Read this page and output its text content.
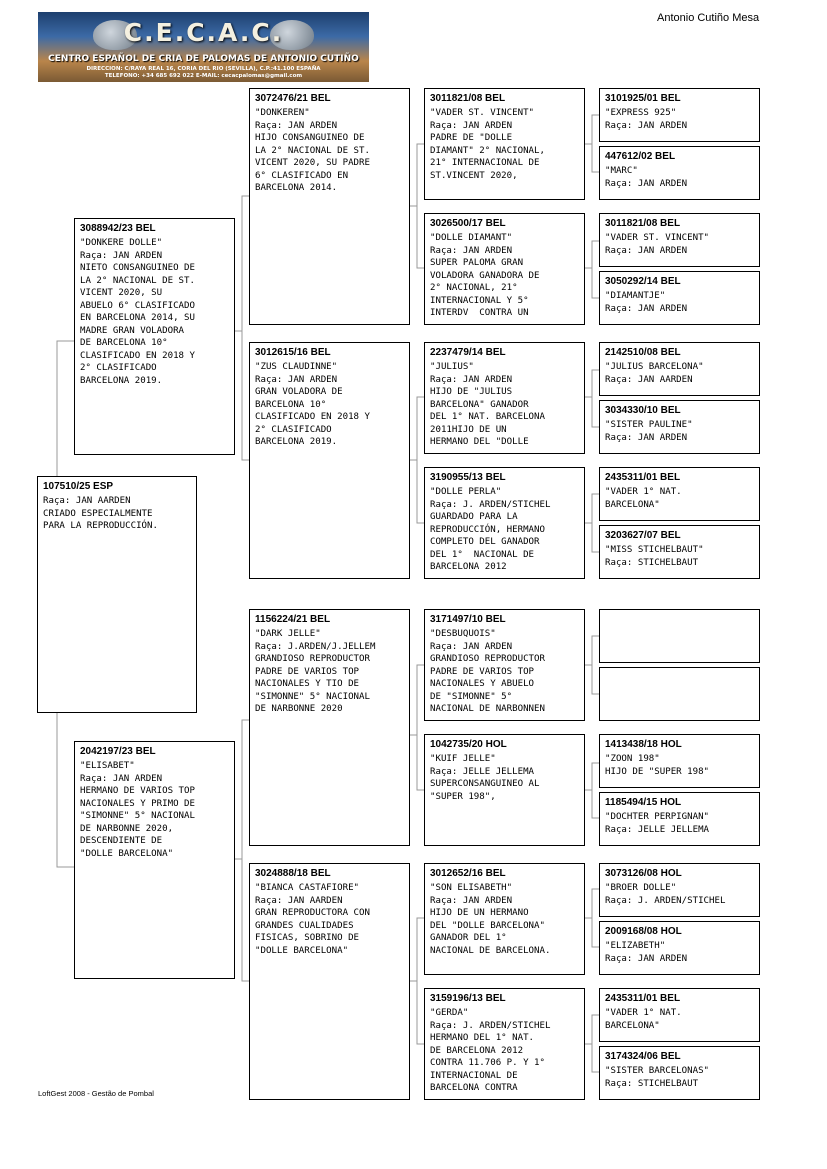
Antonio Cutiño Mesa
C.E.C.A.C.
CENTRO ESPAÑOL DE CRIA DE PALOMAS DE ANTONIO CUTIÑO
DIRECCION: C/RAYA REAL 16, CORIA DEL RIO (SEVILLA), C.P.:41.100 ESPAÑA
TELEFONO: +34 685 692 022 E-MAIL: cecacpalomas@gmail.com
107510/25 ESP
Raça: JAN AARDEN
CRIADO ESPECIALMENTE
PARA LA REPRODUCCIÓN.
3088942/23 BEL
"DONKERE DOLLE"
Raça: JAN ARDEN
NIETO CONSANGUINEO DE
LA 2° NACIONAL DE ST.
VICENT 2020, SU
ABUELO 6° CLASIFICADO
EN BARCELONA 2014, SU
MADRE GRAN VOLADORA
DE BARCELONA 10°
CLASIFICADO EN 2018 Y
2° CLASIFICADO
BARCELONA 2019.
2042197/23 BEL
"ELISABET"
Raça: JAN ARDEN
HERMANO DE VARIOS TOP
NACIONALES Y PRIMO DE
"SIMONNE" 5° NACIONAL
DE NARBONNE 2020,
DESCENDIENTE DE
"DOLLE BARCELONA"
3072476/21 BEL
"DONKEREN"
Raça: JAN ARDEN
HIJO CONSANGUINEO DE
LA 2° NACIONAL DE ST.
VICENT 2020, SU PADRE
6° CLASIFICADO EN
BARCELONA 2014.
3012615/16 BEL
"ZUS CLAUDINNE"
Raça: JAN ARDEN
GRAN VOLADORA DE
BARCELONA 10°
CLASIFICADO EN 2018 Y
2° CLASIFICADO
BARCELONA 2019.
1156224/21 BEL
"DARK JELLE"
Raça: J.ARDEN/J.JELLEM
GRANDIOSO REPRODUCTOR
PADRE DE VARIOS TOP
NACIONALES Y TIO DE
"SIMONNE" 5° NACIONAL
DE NARBONNE 2020
3024888/18 BEL
"BIANCA CASTAFIORE"
Raça: JAN AARDEN
GRAN REPRODUCTORA CON
GRANDES CUALIDADES
FISICAS, SOBRINO DE
"DOLLE BARCELONA"
3011821/08 BEL
"VADER ST. VINCENT"
Raça: JAN ARDEN
PADRE DE "DOLLE
DIAMANT" 2° NACIONAL,
21° INTERNACIONAL DE
ST.VINCENT 2020,
3026500/17 BEL
"DOLLE DIAMANT"
Raça: JAN ARDEN
SUPER PALOMA GRAN
VOLADORA GANADORA DE
2° NACIONAL, 21°
INTERNACIONAL Y 5°
INTERDV  CONTRA UN
2237479/14 BEL
"JULIUS"
Raça: JAN ARDEN
HIJO DE "JULIUS
BARCELONA" GANADOR
DEL 1° NAT. BARCELONA
2011HIJO DE UN
HERMANO DEL "DOLLE
3190955/13 BEL
"DOLLE PERLA"
Raça: J. ARDEN/STICHEL
GUARDADO PARA LA
REPRODUCCIÓN, HERMANO
COMPLETO DEL GANADOR
DEL 1°  NACIONAL DE
BARCELONA 2012
3171497/10 BEL
"DESBUQUOIS"
Raça: JAN ARDEN
GRANDIOSO REPRODUCTOR
PADRE DE VARIOS TOP
NACIONALES Y ABUELO
DE "SIMONNE" 5°
NACIONAL DE NARBONNEN
1042735/20 HOL
"KUIF JELLE"
Raça: JELLE JELLEMA
SUPERCONSANGUINEO AL
"SUPER 198",
3012652/16 BEL
"SON ELISABETH"
Raça: JAN ARDEN
HIJO DE UN HERMANO
DEL "DOLLE BARCELONA"
GANADOR DEL 1°
NACIONAL DE BARCELONA.
3159196/13 BEL
"GERDA"
Raça: J. ARDEN/STICHEL
HERMANO DEL 1° NAT.
DE BARCELONA 2012
CONTRA 11.706 P. Y 1°
INTERNACIONAL DE
BARCELONA CONTRA
3101925/01 BEL
"EXPRESS 925"
Raça: JAN ARDEN
447612/02 BEL
"MARC"
Raça: JAN ARDEN
3011821/08 BEL
"VADER ST. VINCENT"
Raça: JAN ARDEN
3050292/14 BEL
"DIAMANTJE"
Raça: JAN ARDEN
2142510/08 BEL
"JULIUS BARCELONA"
Raça: JAN AARDEN
3034330/10 BEL
"SISTER PAULINE"
Raça: JAN ARDEN
2435311/01 BEL
"VADER 1° NAT.
BARCELONA"
3203627/07 BEL
"MISS STICHELBAUT"
Raça: STICHELBAUT
1413438/18 HOL
"ZOON 198"
HIJO DE "SUPER 198"
1185494/15 HOL
"DOCHTER PERPIGNAN"
Raça: JELLE JELLEMA
3073126/08 HOL
"BROER DOLLE"
Raça: J. ARDEN/STICHEL
2009168/08 HOL
"ELIZABETH"
Raça: JAN ARDEN
2435311/01 BEL
"VADER 1° NAT.
BARCELONA"
3174324/06 BEL
"SISTER BARCELONAS"
Raça: STICHELBAUT
LoftGest 2008 - Gestão de Pombal
